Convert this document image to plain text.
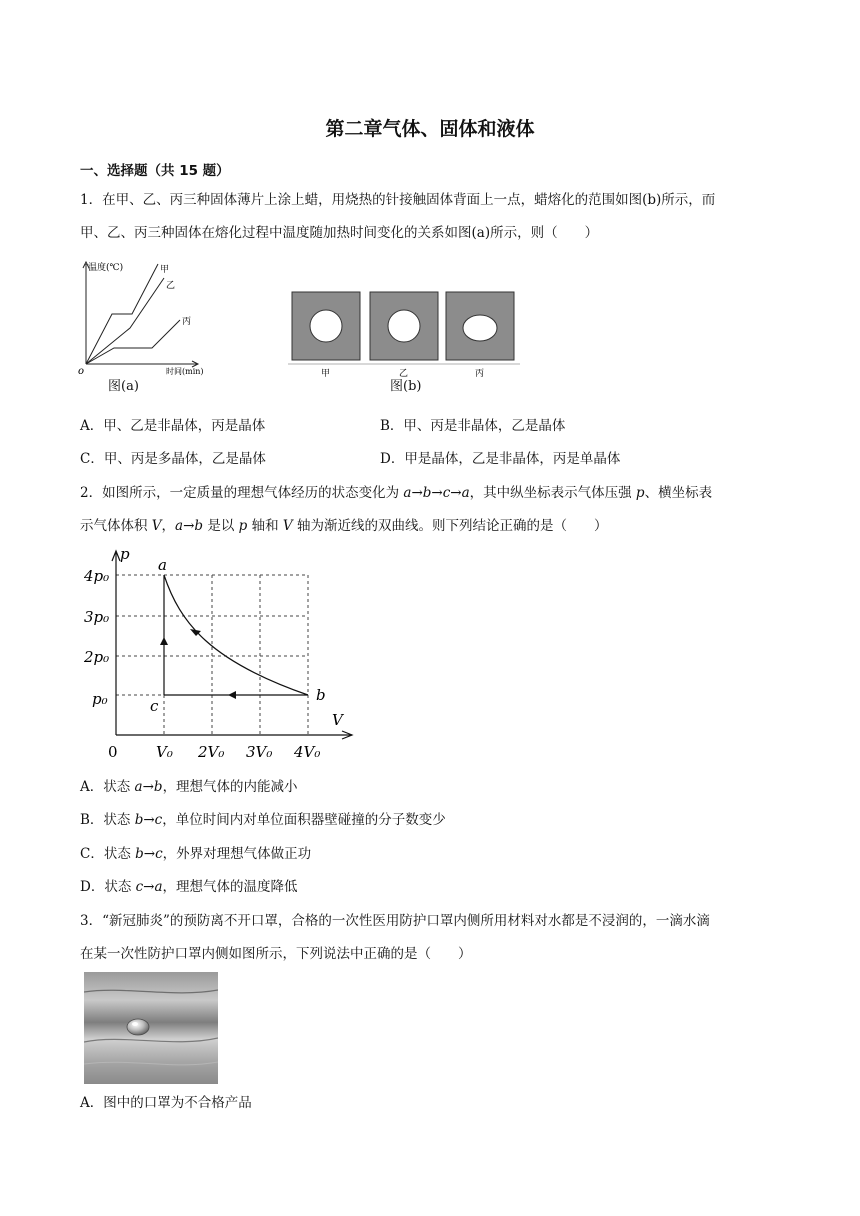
第二章气体、固体和液体
一、选择题（共 15 题）
1．在甲、乙、丙三种固体薄片上涂上蜡，用烧热的针接触固体背面上一点，蜡熔化的范围如图(b)所示，而
甲、乙、丙三种固体在熔化过程中温度随加热时间变化的关系如图(a)所示，则（　　）
温度(℃)	甲
乙
丙
o	时间(min)
图(a)
甲	乙	丙
图(b)
A．甲、乙是非晶体，丙是晶体	B．甲、丙是非晶体，乙是晶体
C．甲、丙是多晶体，乙是晶体	D．甲是晶体，乙是非晶体，丙是单晶体
2．如图所示，一定质量的理想气体经历的状态变化为 a→b→c→a，其中纵坐标表示气体压强 p、横坐标表
示气体体积 V，a→b 是以 p 轴和 V 轴为渐近线的双曲线。则下列结论正确的是（　　）
p
V
0
a
b
c
4p₀
3p₀
2p₀
p₀
V₀ 2V₀ 3V₀ 4V₀
A．状态 a→b，理想气体的内能减小
B．状态 b→c，单位时间内对单位面积器壁碰撞的分子数变少
C．状态 b→c，外界对理想气体做正功
D．状态 c→a，理想气体的温度降低
3．“新冠肺炎”的预防离不开口罩，合格的一次性医用防护口罩内侧所用材料对水都是不浸润的，一滴水滴
在某一次性防护口罩内侧如图所示，下列说法中正确的是（　　）
A．图中的口罩为不合格产品
